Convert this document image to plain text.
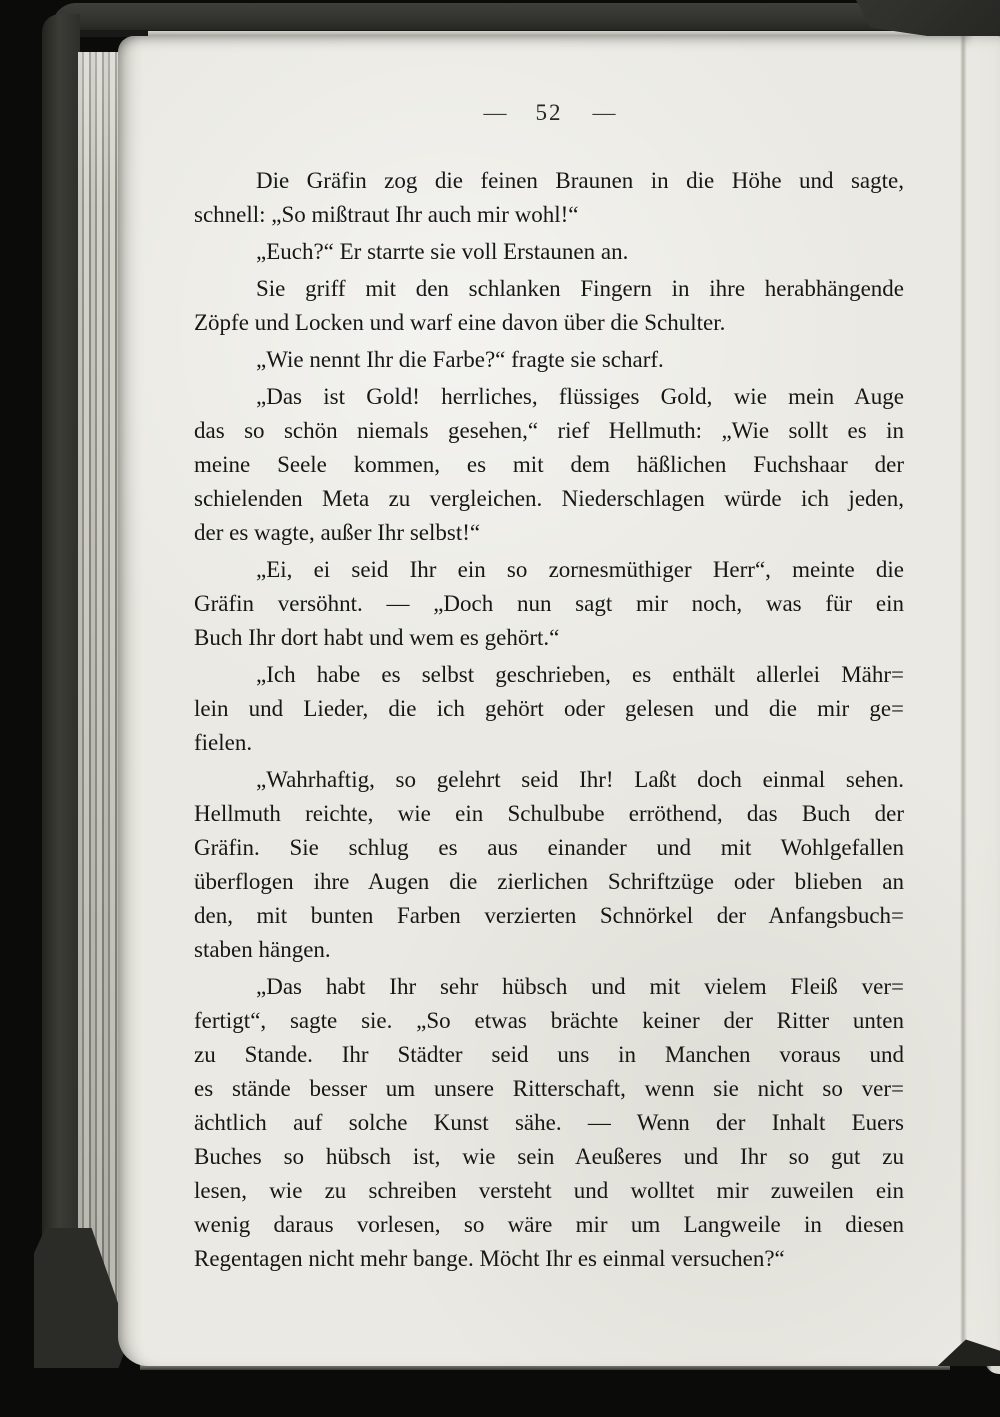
— 52 —
Die Gräfin zog die feinen Braunen in die Höhe und sagte,
schnell: „So mißtraut Ihr auch mir wohl!“
„Euch?“ Er starrte sie voll Erstaunen an.
Sie griff mit den schlanken Fingern in ihre herabhängende
Zöpfe und Locken und warf eine davon über die Schulter.
„Wie nennt Ihr die Farbe?“ fragte sie scharf.
„Das ist Gold! herrliches, flüssiges Gold, wie mein Auge
das so schön niemals gesehen,“ rief Hellmuth: „Wie sollt es in
meine Seele kommen, es mit dem häßlichen Fuchshaar der
schielenden Meta zu vergleichen. Niederschlagen würde ich jeden,
der es wagte, außer Ihr selbst!“
„Ei, ei seid Ihr ein so zornesmüthiger Herr“, meinte die
Gräfin versöhnt. — „Doch nun sagt mir noch, was für ein
Buch Ihr dort habt und wem es gehört.“
„Ich habe es selbst geschrieben, es enthält allerlei Mähr=
lein und Lieder, die ich gehört oder gelesen und die mir ge=
fielen.
„Wahrhaftig, so gelehrt seid Ihr! Laßt doch einmal sehen.
Hellmuth reichte, wie ein Schulbube erröthend, das Buch der
Gräfin. Sie schlug es aus einander und mit Wohlgefallen
überflogen ihre Augen die zierlichen Schriftzüge oder blieben an
den, mit bunten Farben verzierten Schnörkel der Anfangsbuch=
staben hängen.
„Das habt Ihr sehr hübsch und mit vielem Fleiß ver=
fertigt“, sagte sie. „So etwas brächte keiner der Ritter unten
zu Stande. Ihr Städter seid uns in Manchen voraus und
es stände besser um unsere Ritterschaft, wenn sie nicht so ver=
ächtlich auf solche Kunst sähe. — Wenn der Inhalt Euers
Buches so hübsch ist, wie sein Aeußeres und Ihr so gut zu
lesen, wie zu schreiben versteht und wolltet mir zuweilen ein
wenig daraus vorlesen, so wäre mir um Langweile in diesen
Regentagen nicht mehr bange. Möcht Ihr es einmal versuchen?“
